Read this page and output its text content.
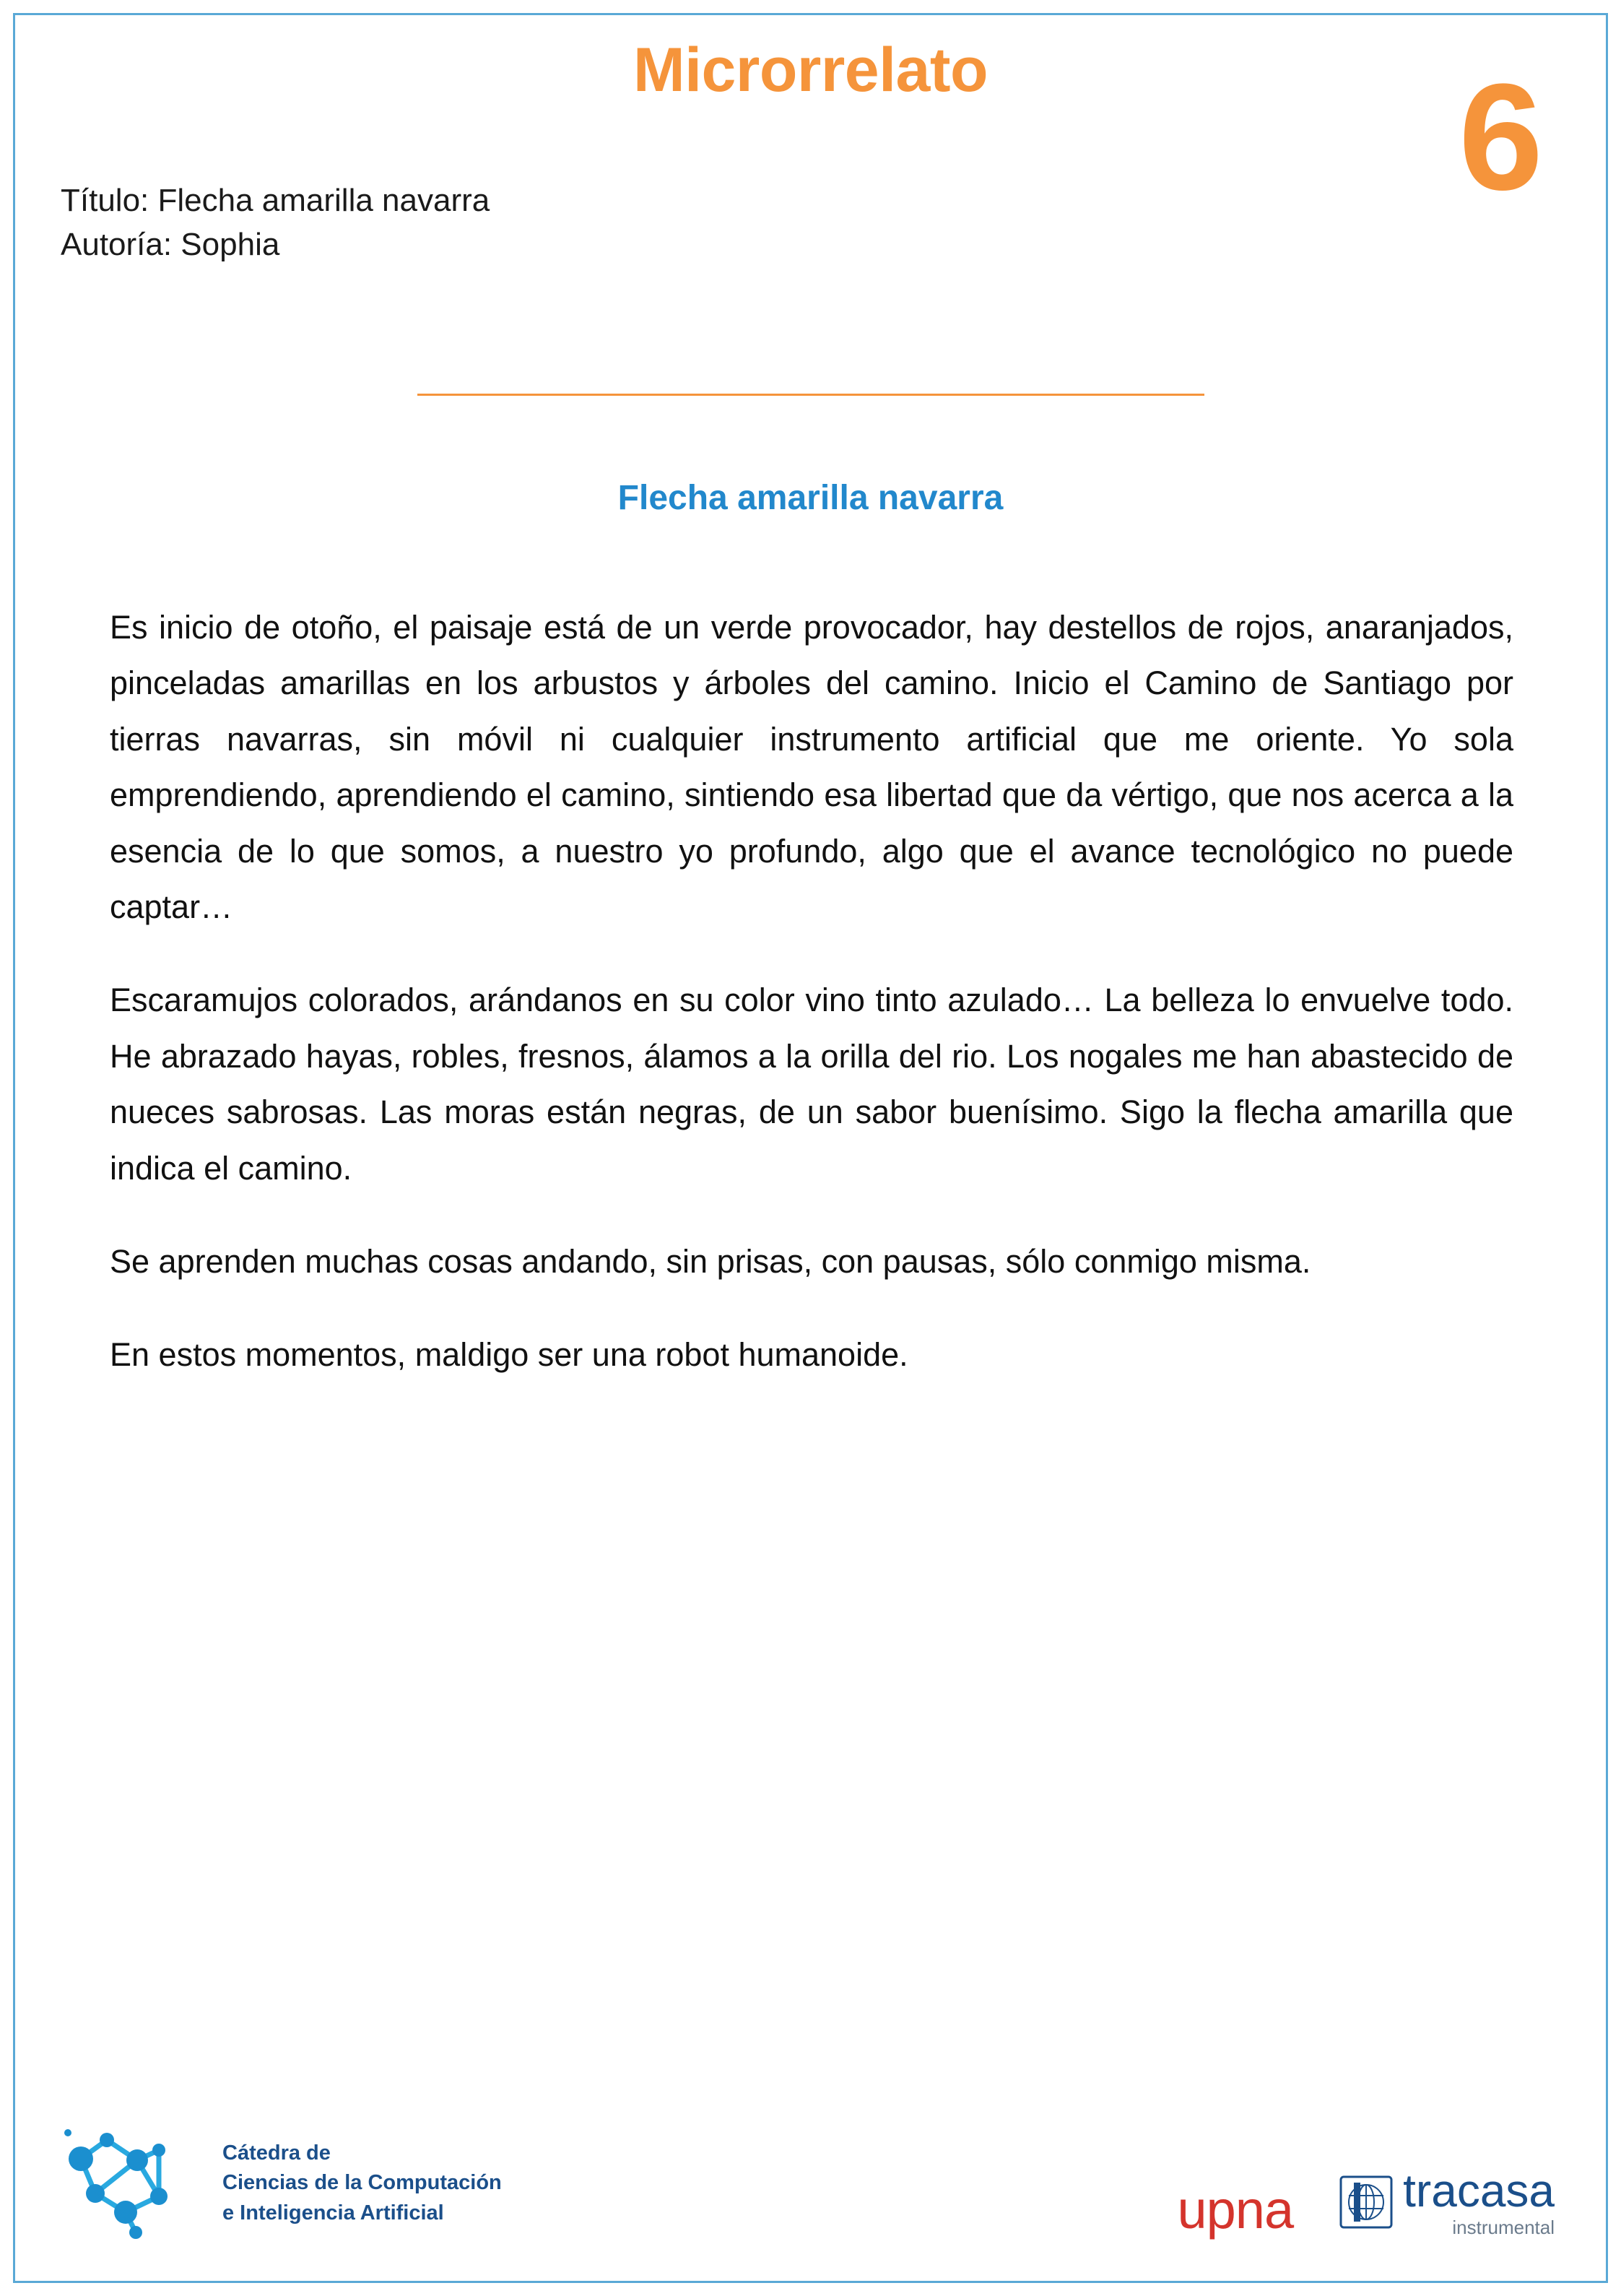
Microrrelato	6
Título: Flecha amarilla navarra
Autoría: Sophia
Flecha amarilla navarra

Es inicio de otoño, el paisaje está de un verde provocador, hay destellos de rojos, anaranjados, pinceladas amarillas en los arbustos y árboles del camino. Inicio el Camino de Santiago por tierras navarras, sin móvil ni cualquier instrumento artificial que me oriente. Yo sola emprendiendo, aprendiendo el camino, sintiendo esa libertad que da vértigo, que nos acerca a la esencia de lo que somos, a nuestro yo profundo, algo que el avance tecnológico no puede captar…

Escaramujos colorados, arándanos en su color vino tinto azulado… La belleza lo envuelve todo. He abrazado hayas, robles, fresnos, álamos a la orilla del rio. Los nogales me han abastecido de nueces sabrosas. Las moras están negras, de un sabor buenísimo. Sigo la flecha amarilla que indica el camino.

Se aprenden muchas cosas andando, sin prisas, con pausas, sólo conmigo misma.

En estos momentos, maldigo ser una robot humanoide.

Cátedra de
Ciencias de la Computación
e Inteligencia Artificial	upna tracasa
instrumental
